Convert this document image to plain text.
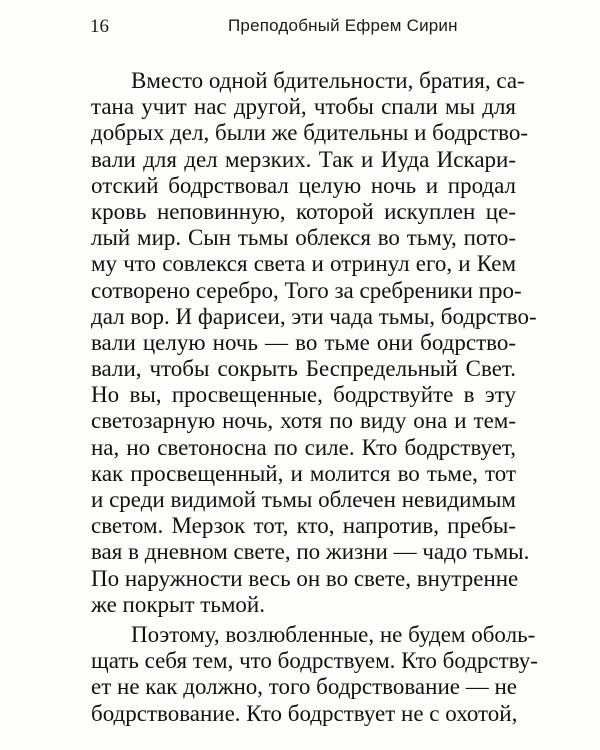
16	Преподобный Ефрем Сирин
Вместо одной бдительности, братия, са-
тана учит нас другой, чтобы спали мы для
добрых дел, были же бдительны и бодрство-
вали для дел мерзких. Так и Иуда Искари-
отский бодрствовал целую ночь и продал
кровь неповинную, которой искуплен це-
лый мир. Сын тьмы облекся во тьму, пото-
му что совлекся света и отринул его, и Кем
сотворено серебро, Того за сребреники про-
дал вор. И фарисеи, эти чада тьмы, бодрство-
вали целую ночь — во тьме они бодрство-
вали, чтобы сокрыть Беспредельный Свет.
Но вы, просвещенные, бодрствуйте в эту
светозарную ночь, хотя по виду она и тем-
на, но светоносна по силе. Кто бодрствует,
как просвещенный, и молится во тьме, тот
и среди видимой тьмы облечен невидимым
светом. Мерзок тот, кто, напротив, пребы-
вая в дневном свете, по жизни — чадо тьмы.
По наружности весь он во свете, внутренне
же покрыт тьмой.
Поэтому, возлюбленные, не будем оболь-
щать себя тем, что бодрствуем. Кто бодрству-
ет не как должно, того бодрствование — не
бодрствование. Кто бодрствует не с охотой,
